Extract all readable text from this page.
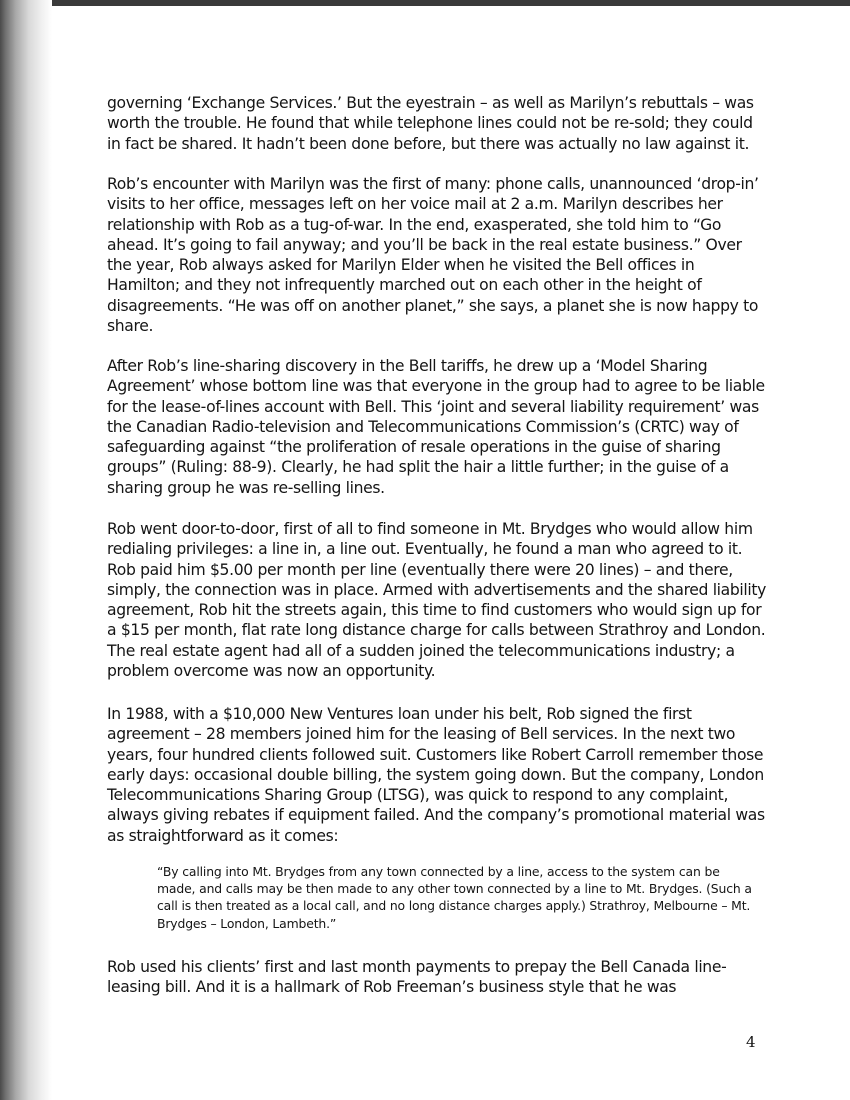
governing ‘Exchange Services.’ But the eyestrain – as well as Marilyn’s rebuttals – was worth the trouble. He found that while telephone lines could not be re-sold; they could in fact be shared. It hadn’t been done before, but there was actually no law against it.
Rob’s encounter with Marilyn was the first of many: phone calls, unannounced ‘drop-in’ visits to her office, messages left on her voice mail at 2 a.m. Marilyn describes her relationship with Rob as a tug-of-war. In the end, exasperated, she told him to “Go ahead. It’s going to fail anyway; and you’ll be back in the real estate business.” Over the year, Rob always asked for Marilyn Elder when he visited the Bell offices in Hamilton; and they not infrequently marched out on each other in the height of disagreements. “He was off on another planet,” she says, a planet she is now happy to share.
After Rob’s line-sharing discovery in the Bell tariffs, he drew up a ‘Model Sharing Agreement’ whose bottom line was that everyone in the group had to agree to be liable for the lease-of-lines account with Bell. This ‘joint and several liability requirement’ was the Canadian Radio-television and Telecommunications Commission’s (CRTC) way of safeguarding against “the proliferation of resale operations in the guise of sharing groups” (Ruling: 88-9). Clearly, he had split the hair a little further; in the guise of a sharing group he was re-selling lines.
Rob went door-to-door, first of all to find someone in Mt. Brydges who would allow him redialing privileges: a line in, a line out. Eventually, he found a man who agreed to it. Rob paid him $5.00 per month per line (eventually there were 20 lines) – and there, simply, the connection was in place. Armed with advertisements and the shared liability agreement, Rob hit the streets again, this time to find customers who would sign up for a $15 per month, flat rate long distance charge for calls between Strathroy and London. The real estate agent had all of a sudden joined the telecommunications industry; a problem overcome was now an opportunity.
In 1988, with a $10,000 New Ventures loan under his belt, Rob signed the first agreement – 28 members joined him for the leasing of Bell services. In the next two years, four hundred clients followed suit. Customers like Robert Carroll remember those early days: occasional double billing, the system going down. But the company, London Telecommunications Sharing Group (LTSG), was quick to respond to any complaint, always giving rebates if equipment failed. And the company’s promotional material was as straightforward as it comes:
“By calling into Mt. Brydges from any town connected by a line, access to the system can be made, and calls may be then made to any other town connected by a line to Mt. Brydges. (Such a call is then treated as a local call, and no long distance charges apply.) Strathroy, Melbourne – Mt. Brydges – London, Lambeth.”
Rob used his clients’ first and last month payments to prepay the Bell Canada line-leasing bill. And it is a hallmark of Rob Freeman’s business style that he was
4
